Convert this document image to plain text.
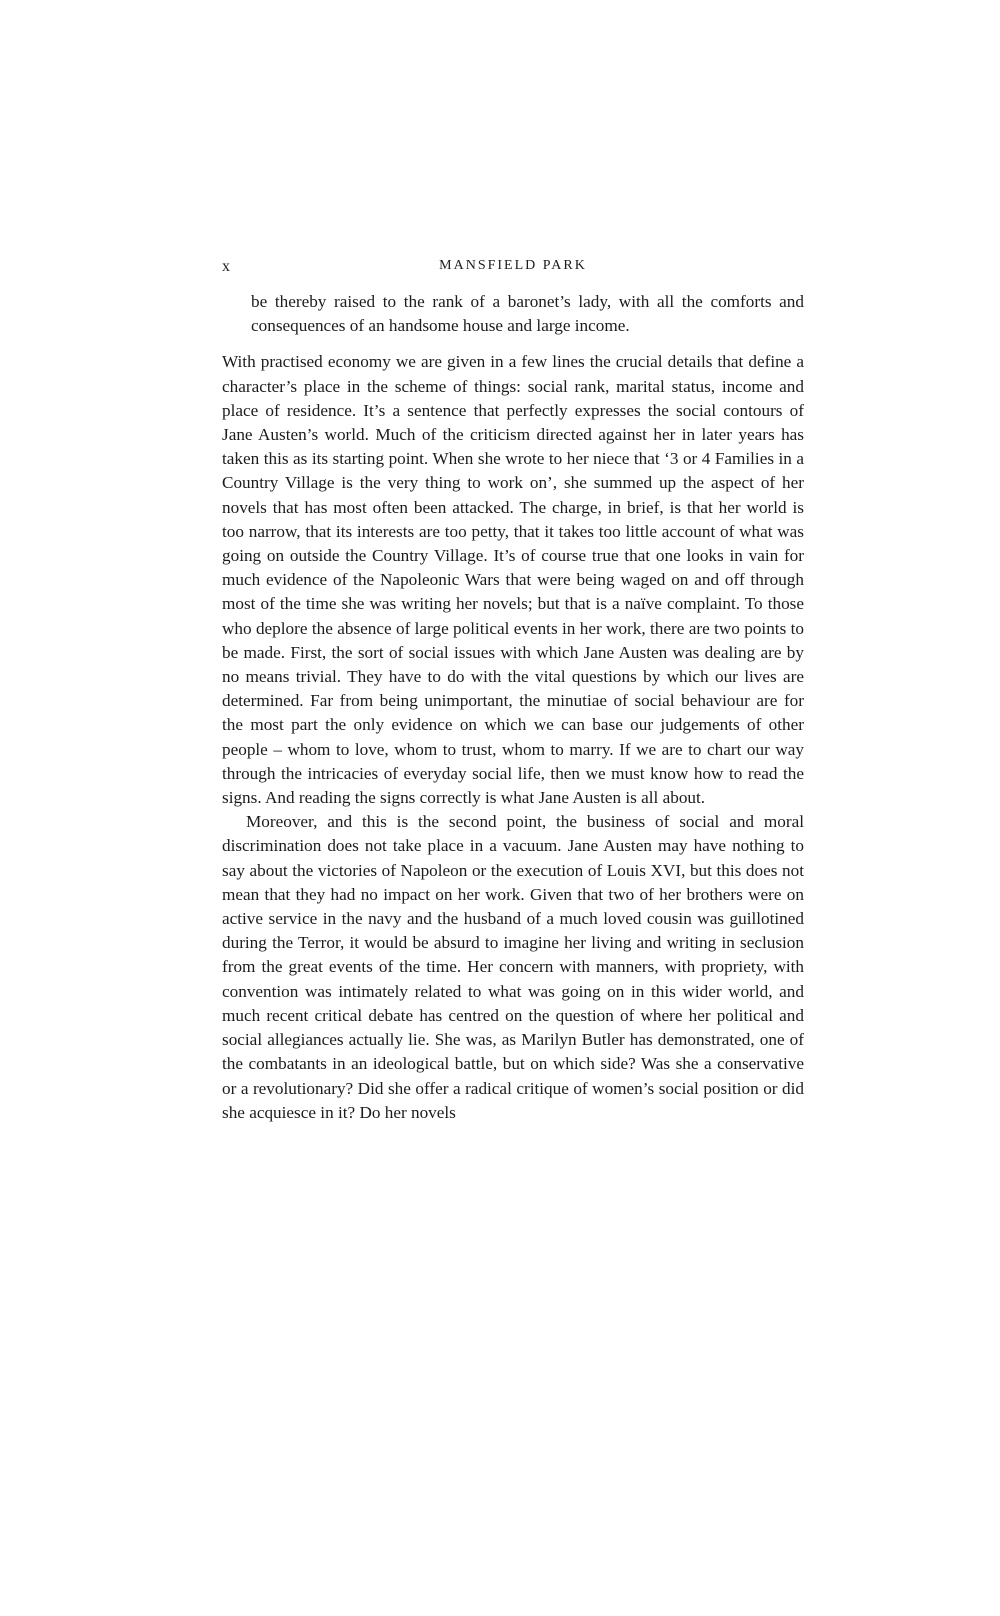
x	MANSFIELD PARK

be thereby raised to the rank of a baronet’s lady, with all the comforts and consequences of an handsome house and large income.

With practised economy we are given in a few lines the crucial details that define a character’s place in the scheme of things: social rank, marital status, income and place of residence. It’s a sentence that perfectly expresses the social contours of Jane Austen’s world. Much of the criticism directed against her in later years has taken this as its starting point. When she wrote to her niece that ‘3 or 4 Families in a Country Village is the very thing to work on’, she summed up the aspect of her novels that has most often been attacked. The charge, in brief, is that her world is too narrow, that its interests are too petty, that it takes too little account of what was going on outside the Country Village. It’s of course true that one looks in vain for much evidence of the Napoleonic Wars that were being waged on and off through most of the time she was writing her novels; but that is a naïve complaint. To those who deplore the absence of large political events in her work, there are two points to be made. First, the sort of social issues with which Jane Austen was dealing are by no means trivial. They have to do with the vital questions by which our lives are determined. Far from being unimportant, the minutiae of social behaviour are for the most part the only evidence on which we can base our judgements of other people – whom to love, whom to trust, whom to marry. If we are to chart our way through the intricacies of everyday social life, then we must know how to read the signs. And reading the signs correctly is what Jane Austen is all about.

Moreover, and this is the second point, the business of social and moral discrimination does not take place in a vacuum. Jane Austen may have nothing to say about the victories of Napoleon or the execution of Louis XVI, but this does not mean that they had no impact on her work. Given that two of her brothers were on active service in the navy and the husband of a much loved cousin was guillotined during the Terror, it would be absurd to imagine her living and writing in seclusion from the great events of the time. Her concern with manners, with propriety, with convention was intimately related to what was going on in this wider world, and much recent critical debate has centred on the question of where her political and social allegiances actually lie. She was, as Marilyn Butler has demonstrated, one of the combatants in an ideological battle, but on which side? Was she a conservative or a revolutionary? Did she offer a radical critique of women’s social position or did she acquiesce in it? Do her novels
